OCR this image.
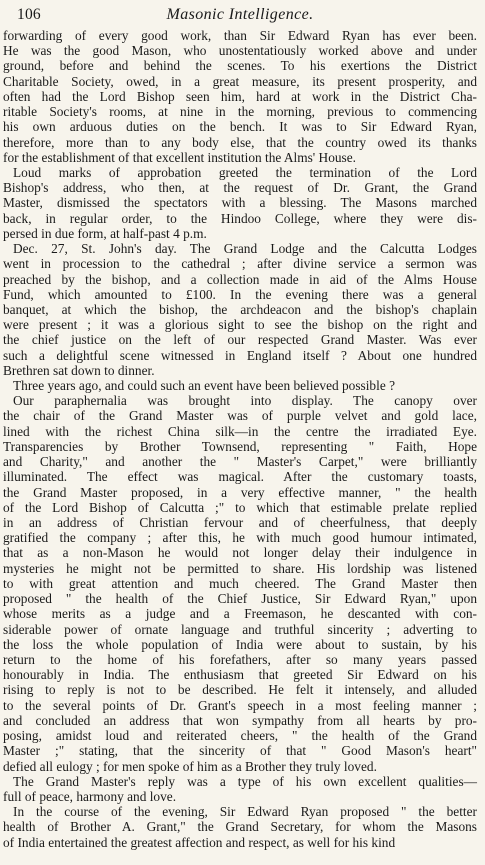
106	Masonic Intelligence.
forwarding of every good work, than Sir Edward Ryan has ever been.
He was the good Mason, who unostentatiously worked above and under
ground, before and behind the scenes. To his exertions the District
Charitable Society, owed, in a great measure, its present prosperity, and
often had the Lord Bishop seen him, hard at work in the District Cha-
ritable Society's rooms, at nine in the morning, previous to commencing
his own arduous duties on the bench. It was to Sir Edward Ryan,
therefore, more than to any body else, that the country owed its thanks
for the establishment of that excellent institution the Alms' House.
Loud marks of approbation greeted the termination of the Lord
Bishop's address, who then, at the request of Dr. Grant, the Grand
Master, dismissed the spectators with a blessing. The Masons marched
back, in regular order, to the Hindoo College, where they were dis-
persed in due form, at half-past 4 p.m.
Dec. 27, St. John's day. The Grand Lodge and the Calcutta Lodges
went in procession to the cathedral ; after divine service a sermon was
preached by the bishop, and a collection made in aid of the Alms House
Fund, which amounted to £100. In the evening there was a general
banquet, at which the bishop, the archdeacon and the bishop's chaplain
were present ; it was a glorious sight to see the bishop on the right and
the chief justice on the left of our respected Grand Master. Was ever
such a delightful scene witnessed in England itself ? About one hundred
Brethren sat down to dinner.
Three years ago, and could such an event have been believed possible ?
Our paraphernalia was brought into display. The canopy over
the chair of the Grand Master was of purple velvet and gold lace,
lined with the richest China silk—in the centre the irradiated Eye.
Transparencies by Brother Townsend, representing " Faith, Hope
and Charity," and another the " Master's Carpet," were brilliantly
illuminated. The effect was magical. After the customary toasts,
the Grand Master proposed, in a very effective manner, " the health
of the Lord Bishop of Calcutta ;" to which that estimable prelate replied
in an address of Christian fervour and of cheerfulness, that deeply
gratified the company ; after this, he with much good humour intimated,
that as a non-Mason he would not longer delay their indulgence in
mysteries he might not be permitted to share. His lordship was listened
to with great attention and much cheered. The Grand Master then
proposed " the health of the Chief Justice, Sir Edward Ryan," upon
whose merits as a judge and a Freemason, he descanted with con-
siderable power of ornate language and truthful sincerity ; adverting to
the loss the whole population of India were about to sustain, by his
return to the home of his forefathers, after so many years passed
honourably in India. The enthusiasm that greeted Sir Edward on his
rising to reply is not to be described. He felt it intensely, and alluded
to the several points of Dr. Grant's speech in a most feeling manner ;
and concluded an address that won sympathy from all hearts by pro-
posing, amidst loud and reiterated cheers, " the health of the Grand
Master ;" stating, that the sincerity of that " Good Mason's heart"
defied all eulogy ; for men spoke of him as a Brother they truly loved.
The Grand Master's reply was a type of his own excellent qualities—
full of peace, harmony and love.
In the course of the evening, Sir Edward Ryan proposed " the better
health of Brother A. Grant," the Grand Secretary, for whom the Masons
of India entertained the greatest affection and respect, as well for his kind
